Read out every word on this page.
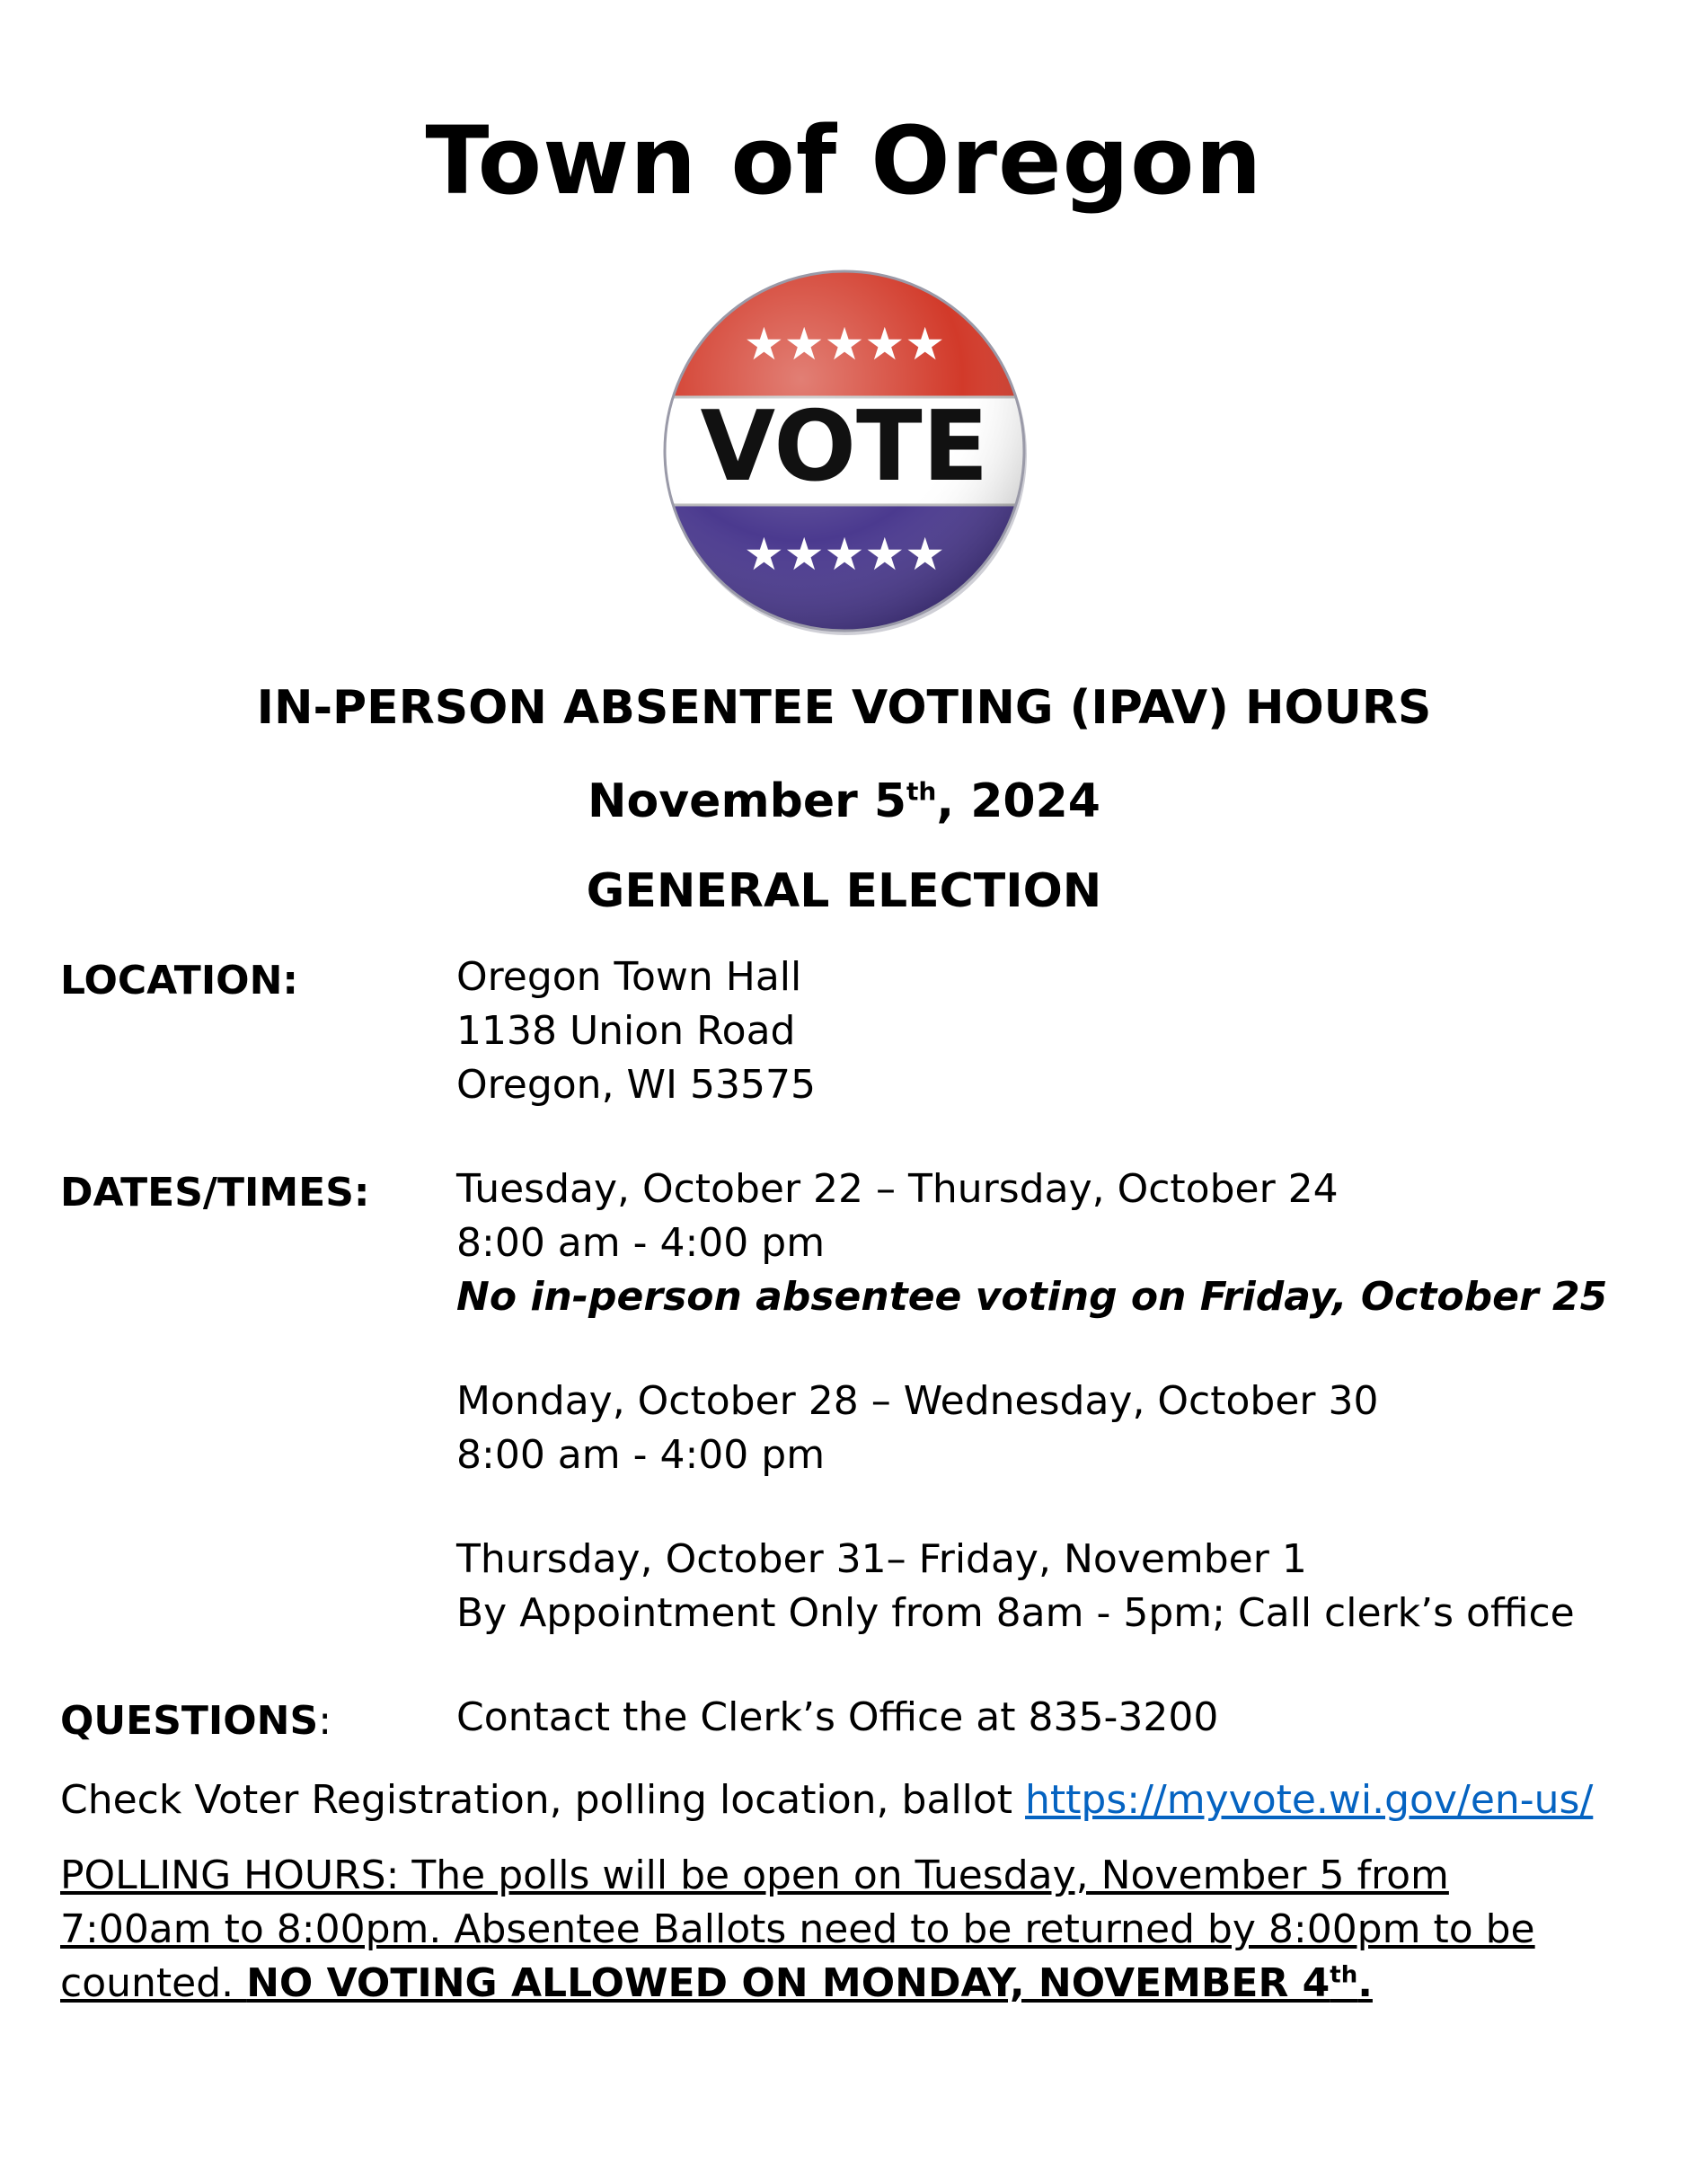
Town of Oregon
★★★★★
VOTE
★★★★★
IN-PERSON ABSENTEE VOTING (IPAV) HOURS
November 5th, 2024
GENERAL ELECTION
LOCATION:	Oregon Town Hall
1138 Union Road
Oregon, WI 53575
DATES/TIMES: Tuesday, October 22 – Thursday, October 24
8:00 am - 4:00 pm
No in-person absentee voting on Friday, October 25
Monday, October 28 – Wednesday, October 30
8:00 am - 4:00 pm
Thursday, October 31– Friday, November 1
By Appointment Only from 8am - 5pm; Call clerk’s office
QUESTIONS:	Contact the Clerk’s Office at 835-3200
Check Voter Registration, polling location, ballot https://myvote.wi.gov/en-us/
POLLING HOURS: The polls will be open on Tuesday, November 5 from
7:00am to 8:00pm. Absentee Ballots need to be returned by 8:00pm to be
counted. NO VOTING ALLOWED ON MONDAY, NOVEMBER 4th.
